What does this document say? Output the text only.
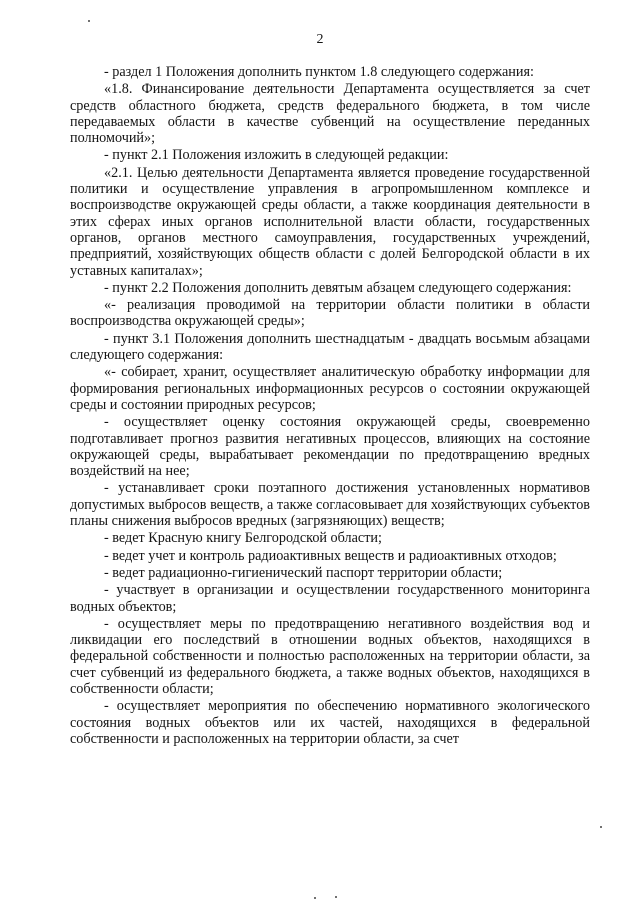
2

- раздел 1 Положения дополнить пунктом 1.8 следующего содержания:

«1.8. Финансирование деятельности Департамента осуществляется за счет средств областного бюджета, средств федерального бюджета, в том числе передаваемых области в качестве субвенций на осуществление переданных полномочий»;

- пункт 2.1 Положения изложить в следующей редакции:

«2.1. Целью деятельности Департамента является проведение государственной политики и осуществление управления в агропромышленном комплексе и воспроизводстве окружающей среды области, а также координация деятельности в этих сферах иных органов исполнительной власти области, государственных органов, органов местного самоуправления, государственных учреждений, предприятий, хозяйствующих обществ области с долей Белгородской области в их уставных капиталах»;

- пункт 2.2 Положения дополнить девятым абзацем следующего содержания:

«- реализация проводимой на территории области политики в области воспроизводства окружающей среды»;

- пункт 3.1 Положения дополнить шестнадцатым - двадцать восьмым абзацами следующего содержания:

«- собирает, хранит, осуществляет аналитическую обработку информации для формирования региональных информационных ресурсов о состоянии окружающей среды и состоянии природных ресурсов;

- осуществляет оценку состояния окружающей среды, своевременно подготавливает прогноз развития негативных процессов, влияющих на состояние окружающей среды, вырабатывает рекомендации по предотвращению вредных воздействий на нее;

- устанавливает сроки поэтапного достижения установленных нормативов допустимых выбросов веществ, а также согласовывает для хозяйствующих субъектов планы снижения выбросов вредных (загрязняющих) веществ;

- ведет Красную книгу Белгородской области;

- ведет учет и контроль радиоактивных веществ и радиоактивных отходов;

- ведет радиационно-гигиенический паспорт территории области;

- участвует в организации и осуществлении государственного мониторинга водных объектов;

- осуществляет меры по предотвращению негативного воздействия вод и ликвидации его последствий в отношении водных объектов, находящихся в федеральной собственности и полностью расположенных на территории области, за счет субвенций из федерального бюджета, а также водных объектов, находящихся в собственности области;

- осуществляет мероприятия по обеспечению нормативного экологического состояния водных объектов или их частей, находящихся в федеральной собственности и расположенных на территории области, за счет
